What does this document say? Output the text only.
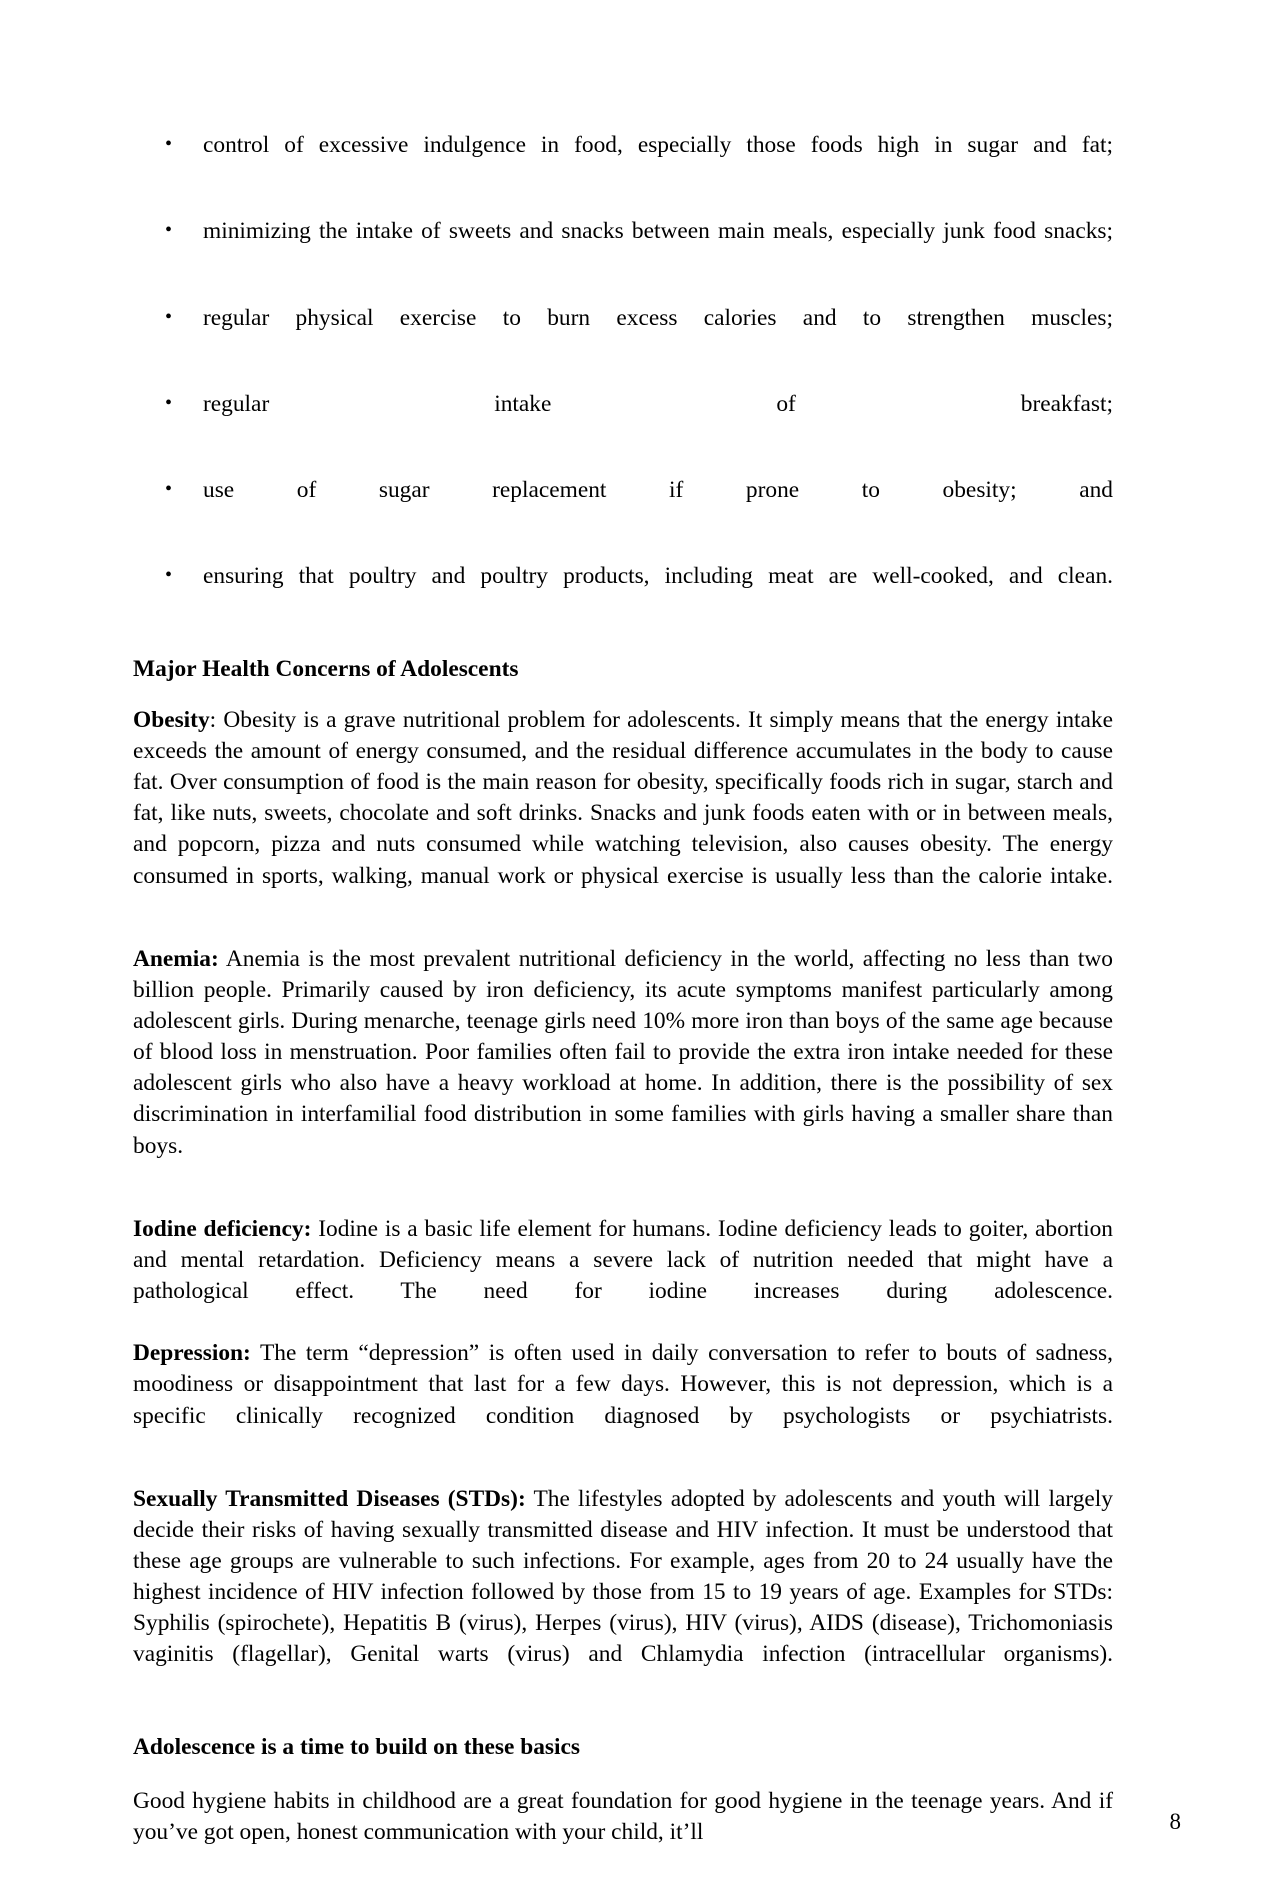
• control of excessive indulgence in food, especially those foods high in sugar and fat;
• minimizing the intake of sweets and snacks between main meals, especially junk food snacks;
• regular physical exercise to burn excess calories and to strengthen muscles;
• regular intake of breakfast;
• use of sugar replacement if prone to obesity; and
• ensuring that poultry and poultry products, including meat are well-cooked, and clean.
Major Health Concerns of Adolescents

Obesity: Obesity is a grave nutritional problem for adolescents. It simply means that the energy intake exceeds the amount of energy consumed, and the residual difference accumulates in the body to cause fat. Over consumption of food is the main reason for obesity, specifically foods rich in sugar, starch and fat, like nuts, sweets, chocolate and soft drinks. Snacks and junk foods eaten with or in between meals, and popcorn, pizza and nuts consumed while watching television, also causes obesity. The energy consumed in sports, walking, manual work or physical exercise is usually less than the calorie intake.

Anemia: Anemia is the most prevalent nutritional deficiency in the world, affecting no less than two billion people. Primarily caused by iron deficiency, its acute symptoms manifest particularly among adolescent girls. During menarche, teenage girls need 10% more iron than boys of the same age because of blood loss in menstruation. Poor families often fail to provide the extra iron intake needed for these adolescent girls who also have a heavy workload at home. In addition, there is the possibility of sex discrimination in interfamilial food distribution in some families with girls having a smaller share than boys.

Iodine deficiency: Iodine is a basic life element for humans. Iodine deficiency leads to goiter, abortion and mental retardation. Deficiency means a severe lack of nutrition needed that might have a pathological effect. The need for iodine increases during adolescence.

Depression: The term “depression” is often used in daily conversation to refer to bouts of sadness, moodiness or disappointment that last for a few days. However, this is not depression, which is a specific clinically recognized condition diagnosed by psychologists or psychiatrists.

Sexually Transmitted Diseases (STDs): The lifestyles adopted by adolescents and youth will largely decide their risks of having sexually transmitted disease and HIV infection. It must be understood that these age groups are vulnerable to such infections. For example, ages from 20 to 24 usually have the highest incidence of HIV infection followed by those from 15 to 19 years of age. Examples for STDs: Syphilis (spirochete), Hepatitis B (virus), Herpes (virus), HIV (virus), AIDS (disease), Trichomoniasis vaginitis (flagellar), Genital warts (virus) and Chlamydia infection (intracellular organisms).

Adolescence is a time to build on these basics

Good hygiene habits in childhood are a great foundation for good hygiene in the teenage years. And if you’ve got open, honest communication with your child, it’ll	8
